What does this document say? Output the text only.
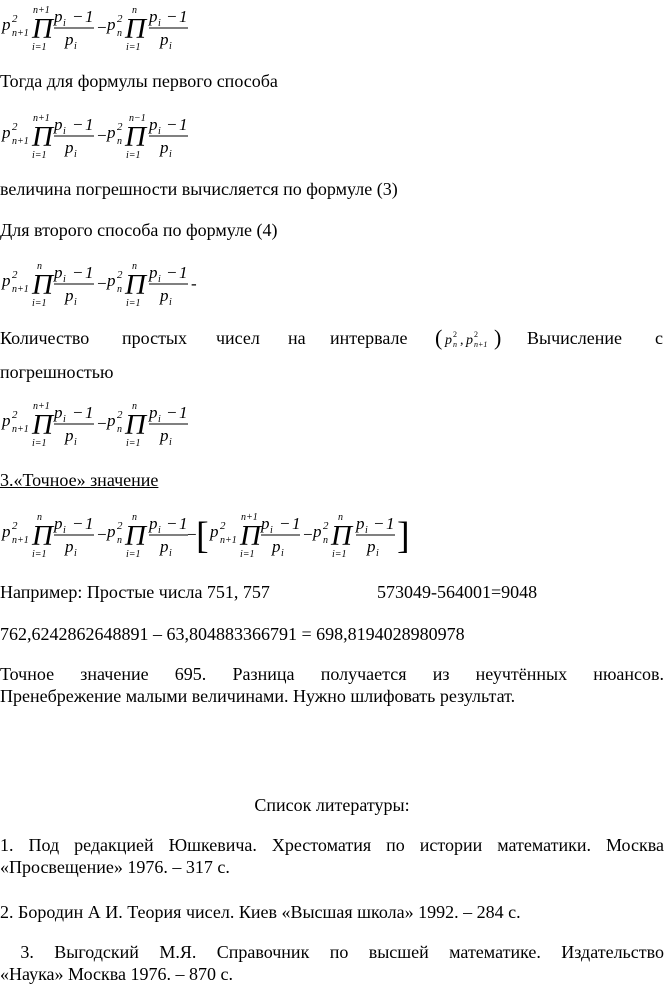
p 2
n+1
n+1
Π
i=1
p i − 1
p i
− p 2
n
n
Π
i=1
p i − 1
p i
Тогда для формулы первого способа
p 2
n+1
n+1
Π
i=1
p i − 1
p i
− p 2
n
n−1
Π
i=1
p i − 1
p i
величина погрешности вычисляется по формуле (3)
Для второго способа по формуле (4)
p 2
n+1
n
Π
i=1
p i − 1
p i
− p 2
n
n
Π
i=1
p i − 1
p i
-
Количество простых чисел на интервале ( p 2
n , p 2
n+1 ) Вычисление с
погрешностью
p 2
n+1
n+1
Π
i=1
p i − 1
p i
− p 2
n
n
Π
i=1
p i − 1
p i
3.«Точное» значение
p 2
n+1
n
Π
i=1
p i − 1
p i
− p 2
n
n
Π
i=1
p i − 1
p i
−
[ p 2
n+1
n+1
Π
i=1
p i − 1
p i
− p 2
n
n
Π
i=1
p i − 1
p i ]
Например: Простые числа 751, 757	573049-564001=9048
762,6242862648891 – 63,804883366791 = 698,8194028980978
Точное значение 695. Разница получается из неучтённых нюансов.
Пренебрежение малыми величинами. Нужно шлифовать результат.
Список литературы:
1. Под редакцией Юшкевича. Хрестоматия по истории математики. Москва
«Просвещение» 1976. – 317 с.
2. Бородин А И. Теория чисел. Киев «Высшая школа» 1992. – 284 с.
3. Выгодский М.Я. Справочник по высшей математике. Издательство
«Наука» Москва 1976. – 870 с.
